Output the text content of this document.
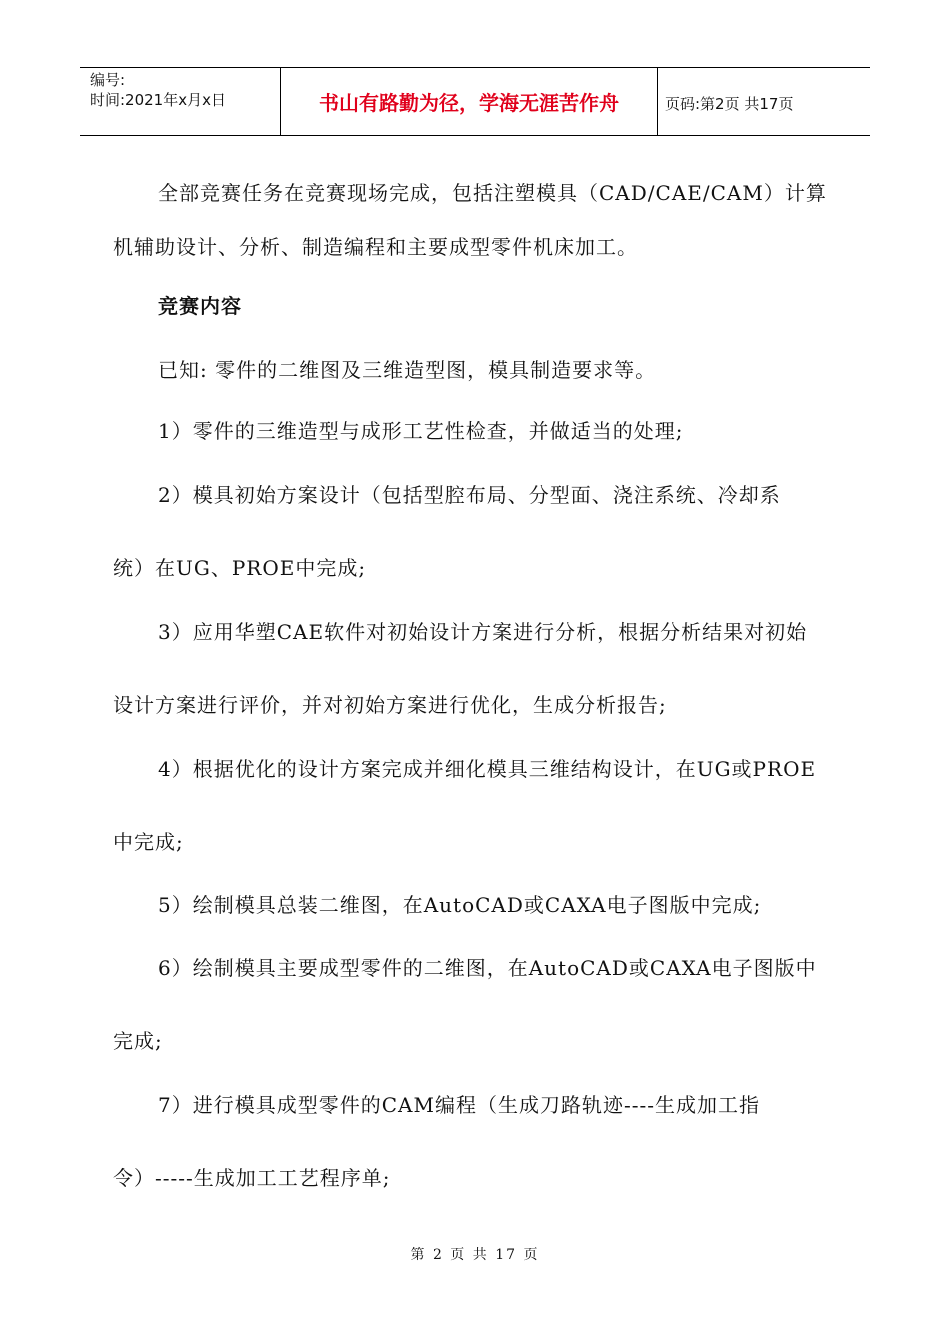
编号:
时间:2021年x月x日	书山有路勤为径，学海无涯苦作舟	页码:第2页 共17页
全部竞赛任务在竞赛现场完成，包括注塑模具（CAD/CAE/CAM）计算
机辅助设计、分析、制造编程和主要成型零件机床加工。
竞赛内容
已知: 零件的二维图及三维造型图，模具制造要求等。
1）零件的三维造型与成形工艺性检查，并做适当的处理;
2）模具初始方案设计（包括型腔布局、分型面、浇注系统、冷却系
统）在UG、PROE中完成;
3）应用华塑CAE软件对初始设计方案进行分析，根据分析结果对初始
设计方案进行评价，并对初始方案进行优化，生成分析报告;
4）根据优化的设计方案完成并细化模具三维结构设计，在UG或PROE
中完成;
5）绘制模具总装二维图，在AutoCAD或CAXA电子图版中完成;
6）绘制模具主要成型零件的二维图，在AutoCAD或CAXA电子图版中
完成;
7）进行模具成型零件的CAM编程（生成刀路轨迹----生成加工指
令）-----生成加工工艺程序单;
第 2 页 共 17 页
